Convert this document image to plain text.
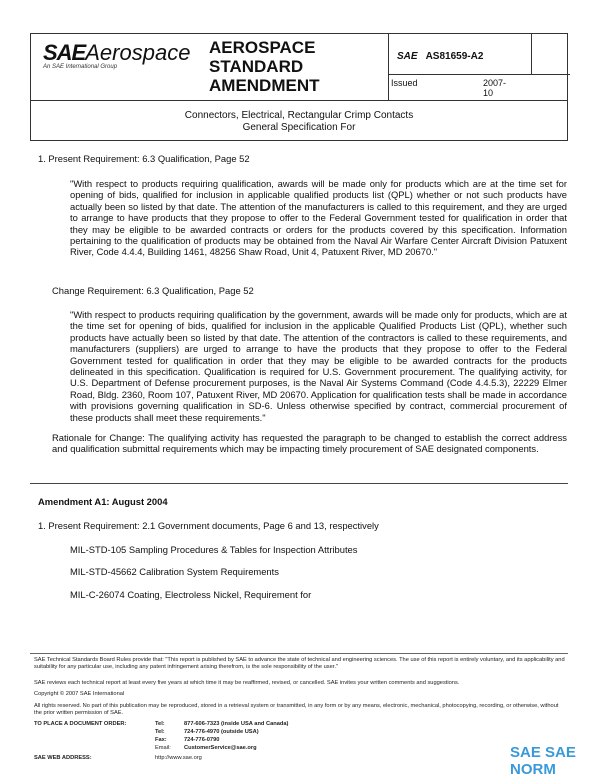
SAEAerospace
An SAE International Group
AEROSPACE
STANDARD
AMENDMENT
SAE AS81659-A2
Issued	2007-10
Connectors, Electrical, Rectangular Crimp Contacts
General Specification For
1. Present Requirement: 6.3 Qualification, Page 52
"With respect to products requiring qualification, awards will be made only for products which are at the time set for opening of bids, qualified for inclusion in applicable qualified products list (QPL) whether or not such products have actually been so listed by that date. The attention of the manufacturers is called to this requirement, and they are urged to arrange to have products that they propose to offer to the Federal Government tested for qualification in order that they may be eligible to be awarded contracts or orders for the products covered by this specification. Information pertaining to the qualification of products may be obtained from the Naval Air Warfare Center Aircraft Division Patuxent River, Code 4.4.4, Building 1461, 48256 Shaw Road, Unit 4, Patuxent River, MD 20670."
Change Requirement: 6.3 Qualification, Page 52
"With respect to products requiring qualification by the government, awards will be made only for products, which are at the time set for opening of bids, qualified for inclusion in the applicable Qualified Products List (QPL), whether such products have actually been so listed by that date. The attention of the contractors is called to these requirements, and manufacturers (suppliers) are urged to arrange to have the products that they propose to offer to the Federal Government tested for qualification in order that they may be eligible to be awarded contracts for the products delineated in this specification. Qualification is required for U.S. Government procurement. The qualifying activity, for U.S. Department of Defense procurement purposes, is the Naval Air Systems Command (Code 4.4.5.3), 22229 Elmer Road, Bldg. 2360, Room 107, Patuxent River, MD 20670. Application for qualification tests shall be made in accordance with provisions governing qualification in SD-6. Unless otherwise specified by contract, commercial procurement of these products shall meet these requirements."
Rationale for Change: The qualifying activity has requested the paragraph to be changed to establish the correct address and qualification submittal requirements which may be impacting timely procurement of SAE designated components.
Amendment A1: August 2004
1. Present Requirement: 2.1 Government documents, Page 6 and 13, respectively
MIL-STD-105 Sampling Procedures & Tables for Inspection Attributes
MIL-STD-45662 Calibration System Requirements
MIL-C-26074 Coating, Electroless Nickel, Requirement for
SAE Technical Standards Board Rules provide that: "This report is published by SAE to advance the state of technical and engineering sciences. The use of this report is entirely voluntary, and its applicability and suitability for any particular use, including any patent infringement arising therefrom, is the sole responsibility of the user."
SAE reviews each technical report at least every five years at which time it may be reaffirmed, revised, or cancelled. SAE invites your written comments and suggestions.
Copyright © 2007 SAE International
All rights reserved. No part of this publication may be reproduced, stored in a retrieval system or transmitted, in any form or by any means, electronic, mechanical, photocopying, recording, or otherwise, without the prior written permission of SAE.
TO PLACE A DOCUMENT ORDER:	Tel:	877-606-7323 (inside USA and Canada)
Tel:	724-776-4970 (outside USA)
Fax:	724-776-0790
Email: CustomerService@sae.org
SAE WEB ADDRESS:	http://www.sae.org	SAE SAE NORM
